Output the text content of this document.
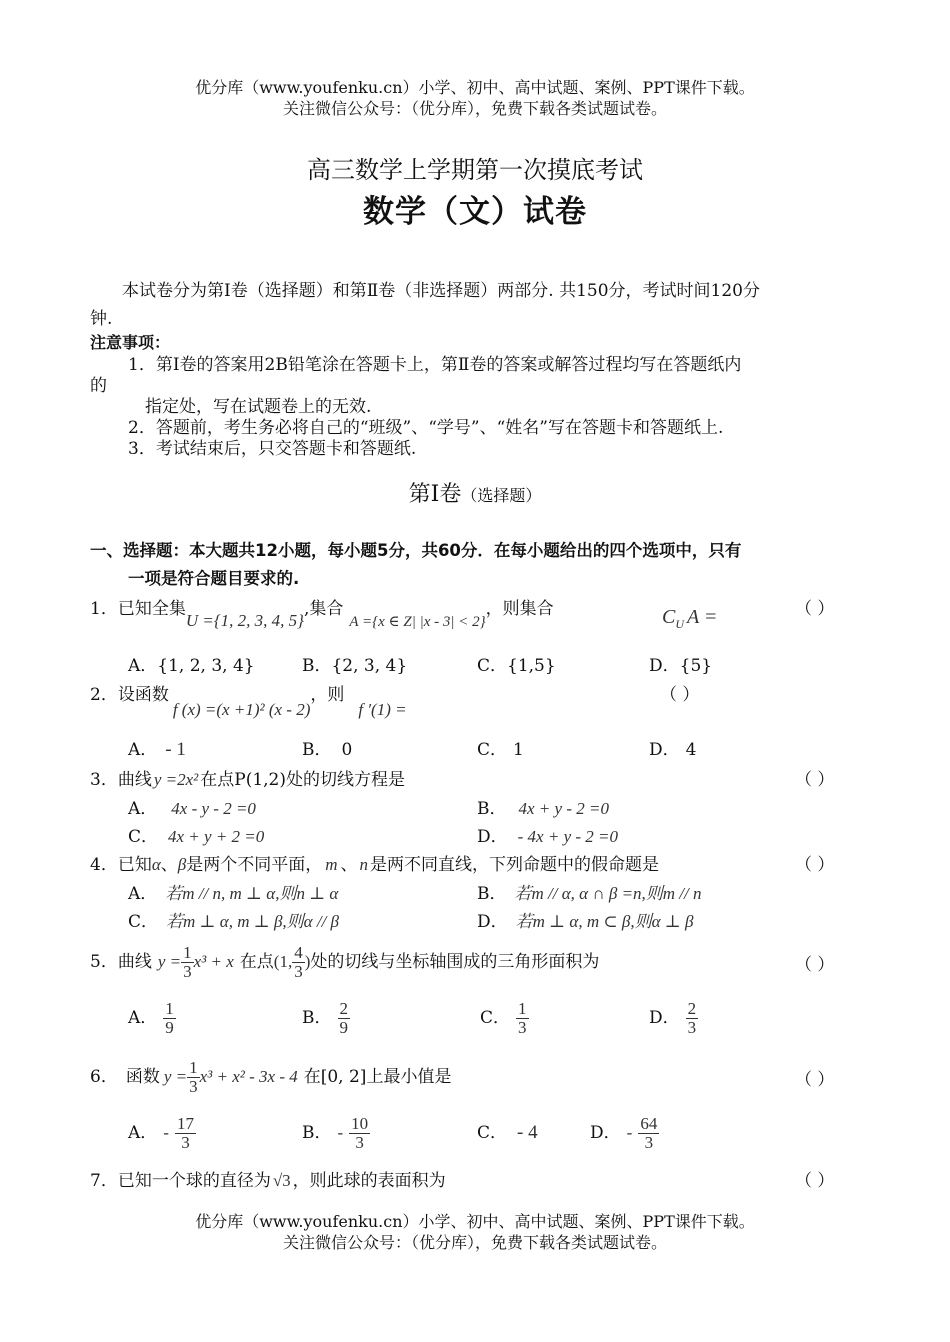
优分库（www.youfenku.cn）小学、初中、高中试题、案例、PPT课件下载。
关注微信公众号：（优分库），免费下载各类试题试卷。
高三数学上学期第一次摸底考试
数学（文）试卷
本试卷分为第Ⅰ卷（选择题）和第Ⅱ卷（非选择题）两部分. 共150分，考试时间120分
钟.
注意事项：
1．第Ⅰ卷的答案用2B铅笔涂在答题卡上，第Ⅱ卷的答案或解答过程均写在答题纸内
的
指定处，写在试题卷上的无效.
2．答题前，考生务必将自己的“班级”、“学号”、“姓名”写在答题卡和答题纸上.
3．考试结束后，只交答题卡和答题纸.
第Ⅰ卷（选择题）
一、选择题：本大题共12小题，每小题5分，共60分．在每小题给出的四个选项中，只有
一项是符合题目要求的.
1．已知全集U ={1, 2, 3, 4, 5},集合A ={x ∈ Z| |x - 3| < 2}，则集合	$C_U$ A =	（ ）
A．{1, 2, 3, 4}	B．{2, 3, 4}	C．{1,5}	D．{5}
2．设函数f (x) =(x +1)² (x - 2)，则f ′(1) =
（ ）
A． - 1	B． 0	C． 1	D． 4
3．曲线 y =2x² 在点P(1,2)处的切线方程是	（ ）
A． 4x - y - 2 =0	B． 4x + y - 2 =0
C． 4x + y + 2 =0	D． - 4x + y - 2 =0
4．已知α、β是两个不同平面， m 、 n 是两不同直线，下列命题中的假命题是	（ ）
A． 若m // n, m ⊥ α,则n ⊥ α	B． 若m // α, α ∩ β =n,则m // n
C． 若m ⊥ α, m ⊥ β,则α // β	D． 若m ⊥ α, m ⊂ β,则α ⊥ β
5．曲线 $y = \frac{1}{3} x^3 + x$ 在点(1, $\frac{4}{3}$ )处的切线与坐标轴围成的三角形面积为	（ ）
A． $\frac{1}{9}$	B． $\frac{2}{9}$	C． $\frac{1}{3}$	D． $\frac{2}{3}$
6． 函数 $y = \frac{1}{3} x^3 + x^2 - 3x - 4$ 在[0, 2]上最小值是	（ ）
A． - $\frac{17}{3}$	B． - $\frac{10}{3}$	C． - 4	D． - $\frac{64}{3}$
7．已知一个球的直径为 √3 ，则此球的表面积为	（ ）
优分库（www.youfenku.cn）小学、初中、高中试题、案例、PPT课件下载。
关注微信公众号：（优分库），免费下载各类试题试卷。
